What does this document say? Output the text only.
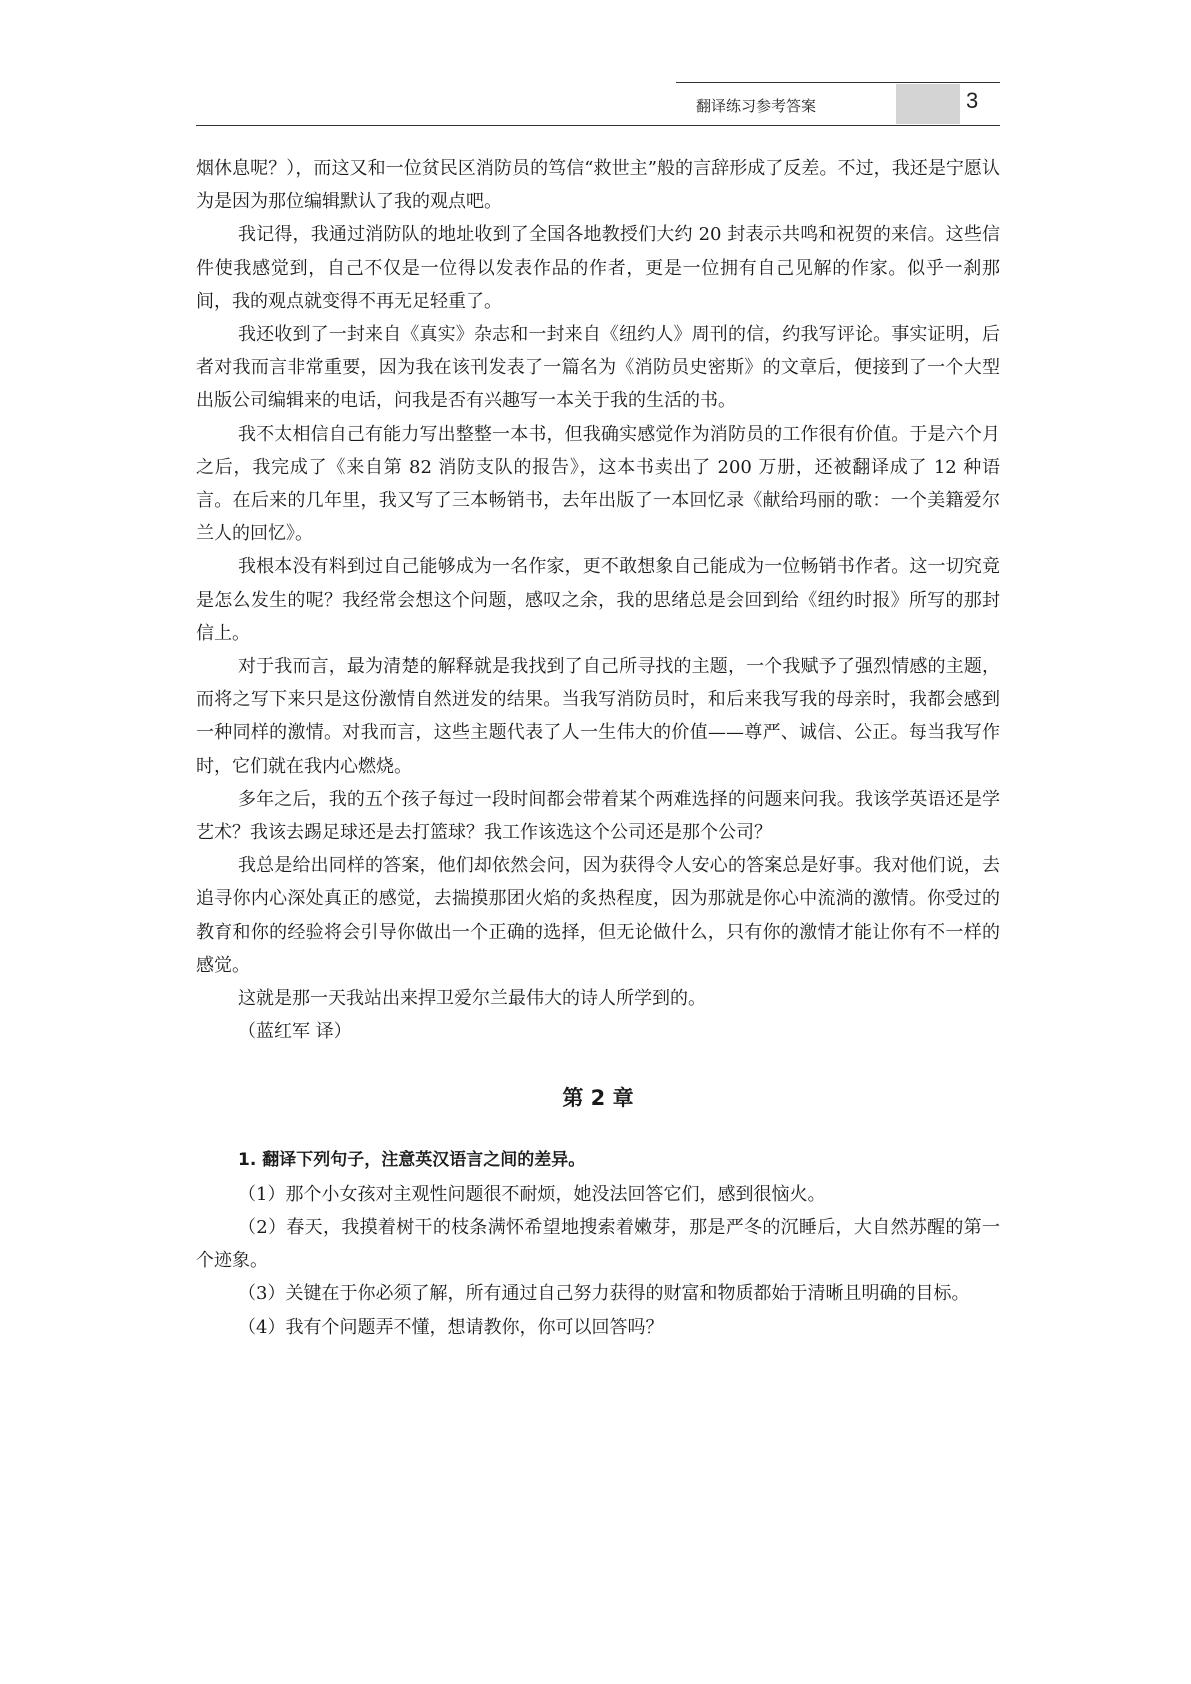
翻译练习参考答案	3

烟休息呢？），而这又和一位贫民区消防员的笃信“救世主”般的言辞形成了反差。不过，我还是宁愿认为是因为那位编辑默认了我的观点吧。

我记得，我通过消防队的地址收到了全国各地教授们大约 20 封表示共鸣和祝贺的来信。这些信件使我感觉到，自己不仅是一位得以发表作品的作者，更是一位拥有自己见解的作家。似乎一刹那间，我的观点就变得不再无足轻重了。

我还收到了一封来自《真实》杂志和一封来自《纽约人》周刊的信，约我写评论。事实证明，后者对我而言非常重要，因为我在该刊发表了一篇名为《消防员史密斯》的文章后，便接到了一个大型出版公司编辑来的电话，问我是否有兴趣写一本关于我的生活的书。

我不太相信自己有能力写出整整一本书，但我确实感觉作为消防员的工作很有价值。于是六个月之后，我完成了《来自第 82 消防支队的报告》，这本书卖出了 200 万册，还被翻译成了 12 种语言。在后来的几年里，我又写了三本畅销书，去年出版了一本回忆录《献给玛丽的歌：一个美籍爱尔兰人的回忆》。

我根本没有料到过自己能够成为一名作家，更不敢想象自己能成为一位畅销书作者。这一切究竟是怎么发生的呢？我经常会想这个问题，感叹之余，我的思绪总是会回到给《纽约时报》所写的那封信上。

对于我而言，最为清楚的解释就是我找到了自己所寻找的主题，一个我赋予了强烈情感的主题，而将之写下来只是这份激情自然迸发的结果。当我写消防员时，和后来我写我的母亲时，我都会感到一种同样的激情。对我而言，这些主题代表了人一生伟大的价值——尊严、诚信、公正。每当我写作时，它们就在我内心燃烧。

多年之后，我的五个孩子每过一段时间都会带着某个两难选择的问题来问我。我该学英语还是学艺术？我该去踢足球还是去打篮球？我工作该选这个公司还是那个公司？

我总是给出同样的答案，他们却依然会问，因为获得令人安心的答案总是好事。我对他们说，去追寻你内心深处真正的感觉，去揣摸那团火焰的炙热程度，因为那就是你心中流淌的激情。你受过的教育和你的经验将会引导你做出一个正确的选择，但无论做什么，只有你的激情才能让你有不一样的感觉。

这就是那一天我站出来捍卫爱尔兰最伟大的诗人所学到的。

（蓝红军 译）

第 2 章

1. 翻译下列句子，注意英汉语言之间的差异。

（1）那个小女孩对主观性问题很不耐烦，她没法回答它们，感到很恼火。

（2）春天，我摸着树干的枝条满怀希望地搜索着嫩芽，那是严冬的沉睡后，大自然苏醒的第一个迹象。

（3）关键在于你必须了解，所有通过自己努力获得的财富和物质都始于清晰且明确的目标。

（4）我有个问题弄不懂，想请教你，你可以回答吗？
